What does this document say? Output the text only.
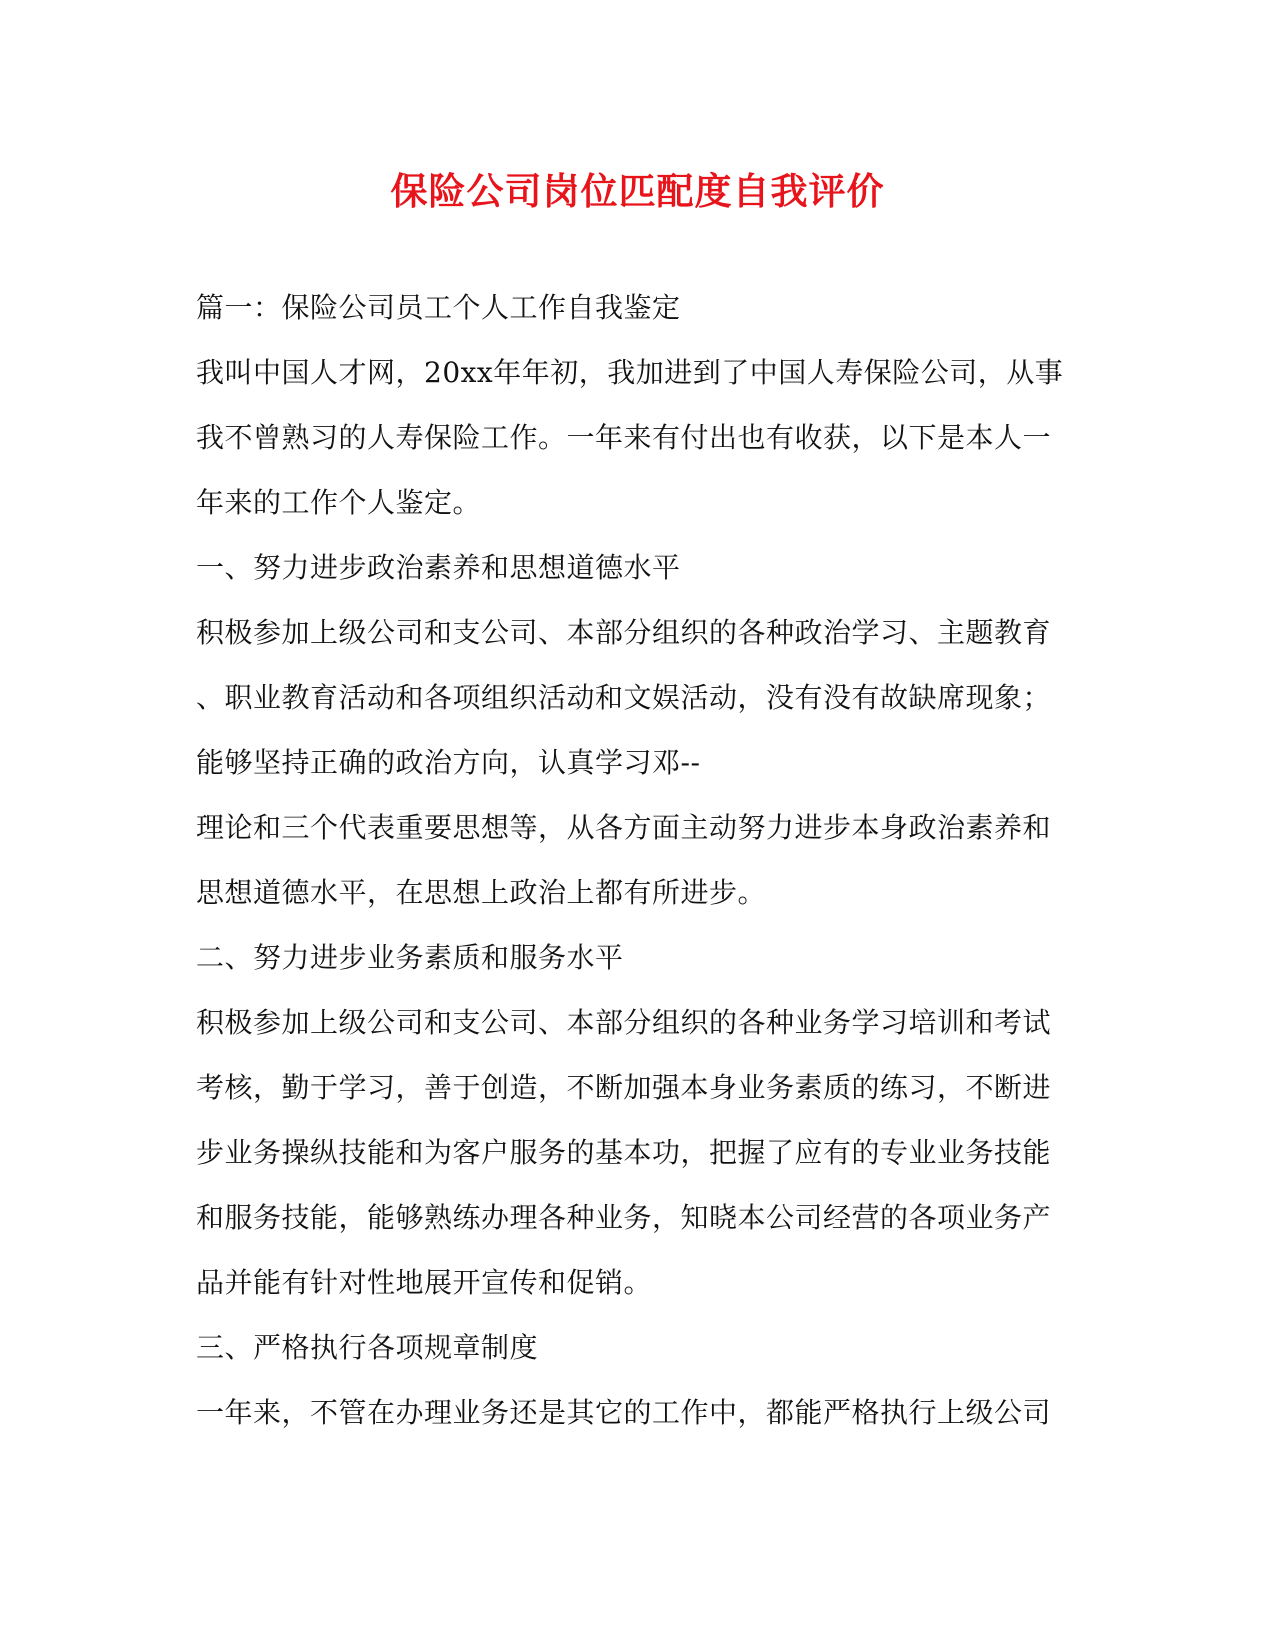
保险公司岗位匹配度自我评价
篇一：保险公司员工个人工作自我鉴定
我叫中国人才网，20xx年年初，我加进到了中国人寿保险公司，从事
我不曾熟习的人寿保险工作。一年来有付出也有收获，以下是本人一
年来的工作个人鉴定。
一、努力进步政治素养和思想道德水平
积极参加上级公司和支公司、本部分组织的各种政治学习、主题教育
、职业教育活动和各项组织活动和文娱活动，没有没有故缺席现象；
能够坚持正确的政治方向，认真学习邓--
理论和三个代表重要思想等，从各方面主动努力进步本身政治素养和
思想道德水平，在思想上政治上都有所进步。
二、努力进步业务素质和服务水平
积极参加上级公司和支公司、本部分组织的各种业务学习培训和考试
考核，勤于学习，善于创造，不断加强本身业务素质的练习，不断进
步业务操纵技能和为客户服务的基本功，把握了应有的专业业务技能
和服务技能，能够熟练办理各种业务，知晓本公司经营的各项业务产
品并能有针对性地展开宣传和促销。
三、严格执行各项规章制度
一年来，不管在办理业务还是其它的工作中，都能严格执行上级公司
